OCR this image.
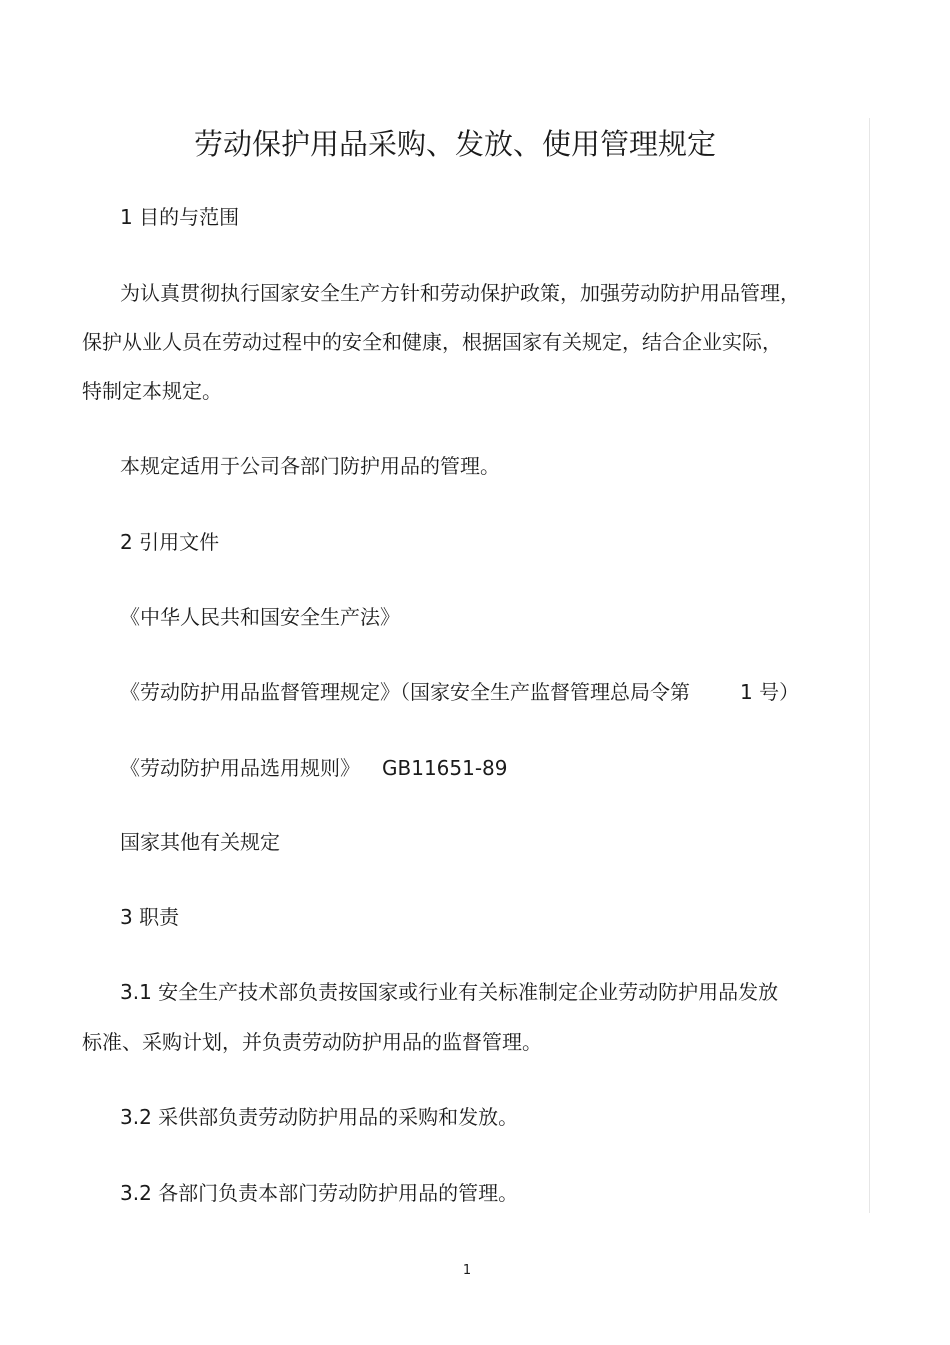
劳动保护用品采购、发放、使用管理规定
1 目的与范围
为认真贯彻执行国家安全生产方针和劳动保护政策，加强劳动防护用品管理，
保护从业人员在劳动过程中的安全和健康，根据国家有关规定，结合企业实际，
特制定本规定。
本规定适用于公司各部门防护用品的管理。
2 引用文件
《中华人民共和国安全生产法》
《劳动防护用品监督管理规定》（国家安全生产监督管理总局令第	1 号）
《劳动防护用品选用规则》 GB11651-89
国家其他有关规定
3 职责
3.1 安全生产技术部负责按国家或行业有关标准制定企业劳动防护用品发放
标准、采购计划，并负责劳动防护用品的监督管理。
3.2 采供部负责劳动防护用品的采购和发放。
3.2 各部门负责本部门劳动防护用品的管理。
1
